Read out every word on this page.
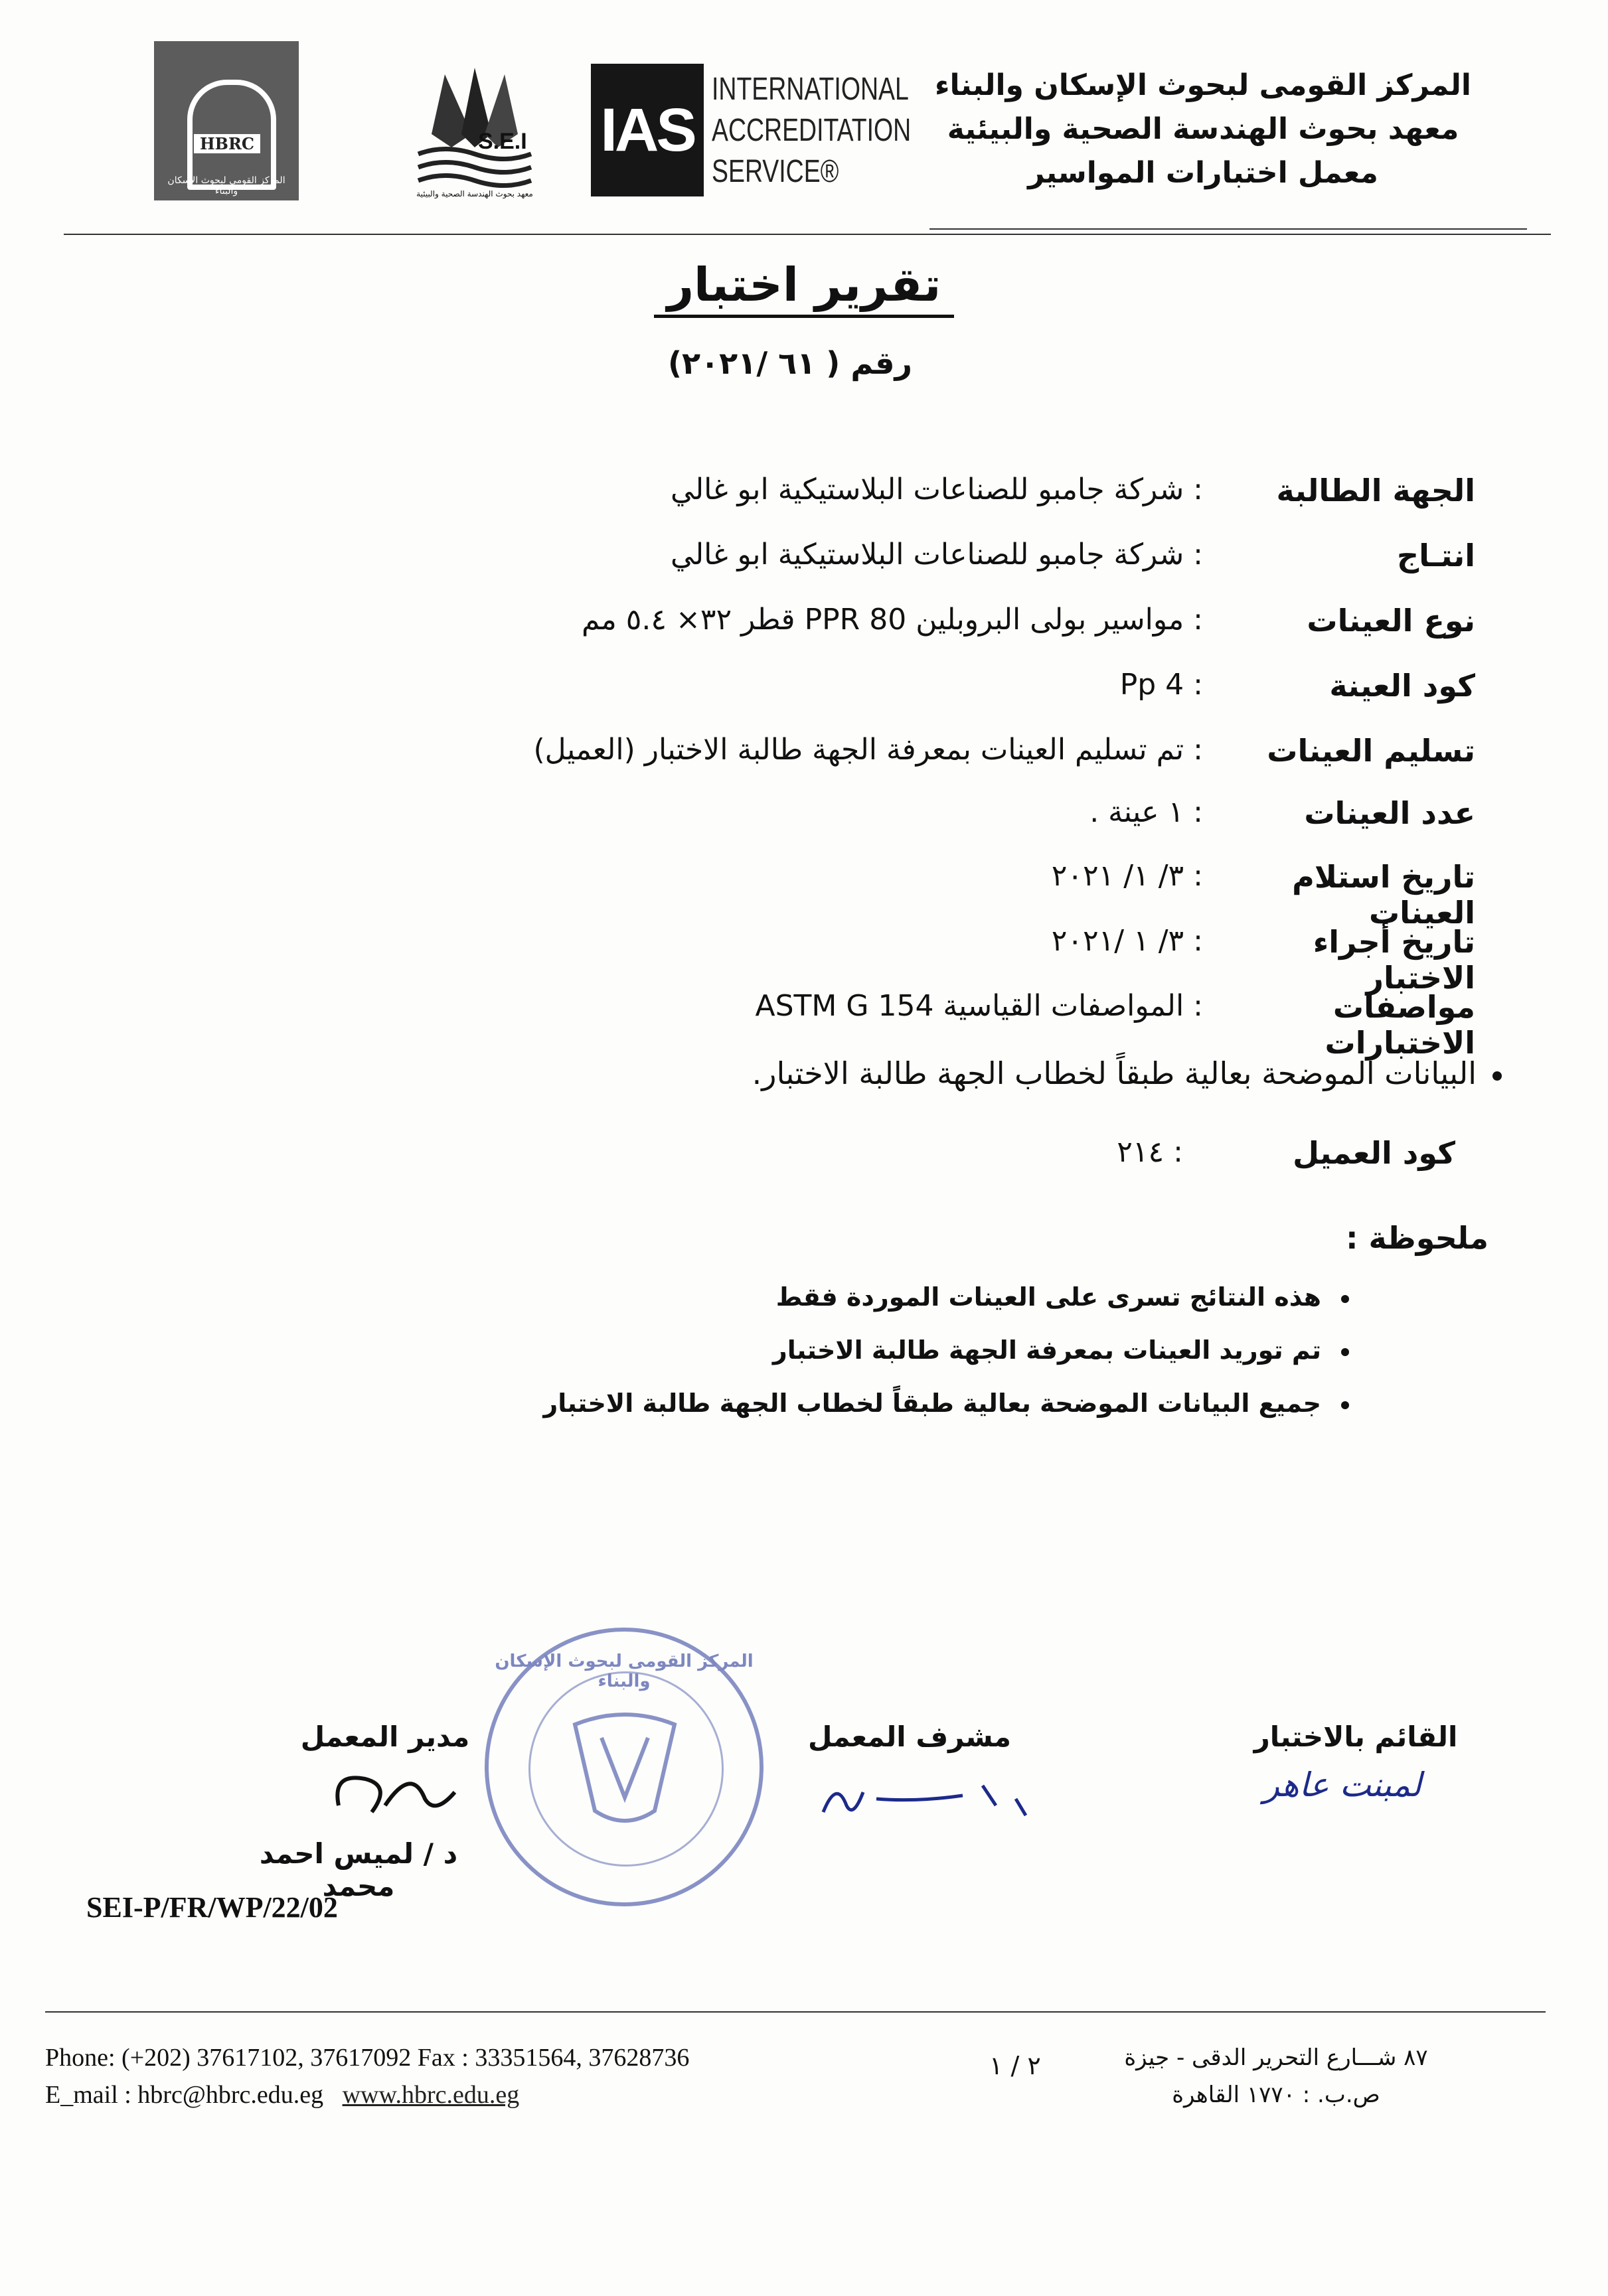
HBRC
المركز القومي لبحوث الإسكان والبناء
S.E.I
معهد بحوث الهندسة الصحية والبيئية
IAS
INTERNATIONAL
ACCREDITATION
SERVICE®
المركز القومى لبحوث الإسكان والبناء
معهد بحوث الهندسة الصحية والبيئية
معمل اختبارات المواسير
تقرير اختبار
رقم ( ٦١ /٢٠٢١)
الجهة الطالبة
: شركة جامبو للصناعات البلاستيكية ابو غالي
انتـاج
: شركة جامبو للصناعات البلاستيكية ابو غالي
نوع العينات
: مواسير بولى البروبلين PPR 80 قطر ٣٢× ٥.٤ مم
كود العينة
: Pp 4
تسليم العينات
: تم تسليم العينات بمعرفة الجهة طالبة الاختبار (العميل)
عدد العينات
: ١ عينة .
تاريخ استلام العينات
: ٣/ ١/ ٢٠٢١
تاريخ أجراء الاختبار
: ٣/ ١ /٢٠٢١
مواصفات الاختبارات
: المواصفات القياسية ASTM G 154
البيانات الموضحة بعالية طبقاً لخطاب الجهة طالبة الاختبار.
كود العميل
: ٢١٤
ملحوظة :
هذه النتائج تسرى على العينات الموردة فقط
تم توريد العينات بمعرفة الجهة طالبة الاختبار
جميع البيانات الموضحة بعالية طبقاً لخطاب الجهة طالبة الاختبار
القائم بالاختبار
لمبنت عاهر
مشرف المعمل
مدير المعمل
د / لميس احمد محمد
المركز القومى لبحوث الإسكان والبناء
SEI-P/FR/WP/22/02
Phone: (+202) 37617102, 37617092 Fax : 33351564, 37628736
E_mail : hbrc@hbrc.edu.eg www.hbrc.edu.eg
٢ / ١	٨٧ شـــارع التحرير الدقى - جيزة
ص.ب. : ١٧٧٠ القاهرة
